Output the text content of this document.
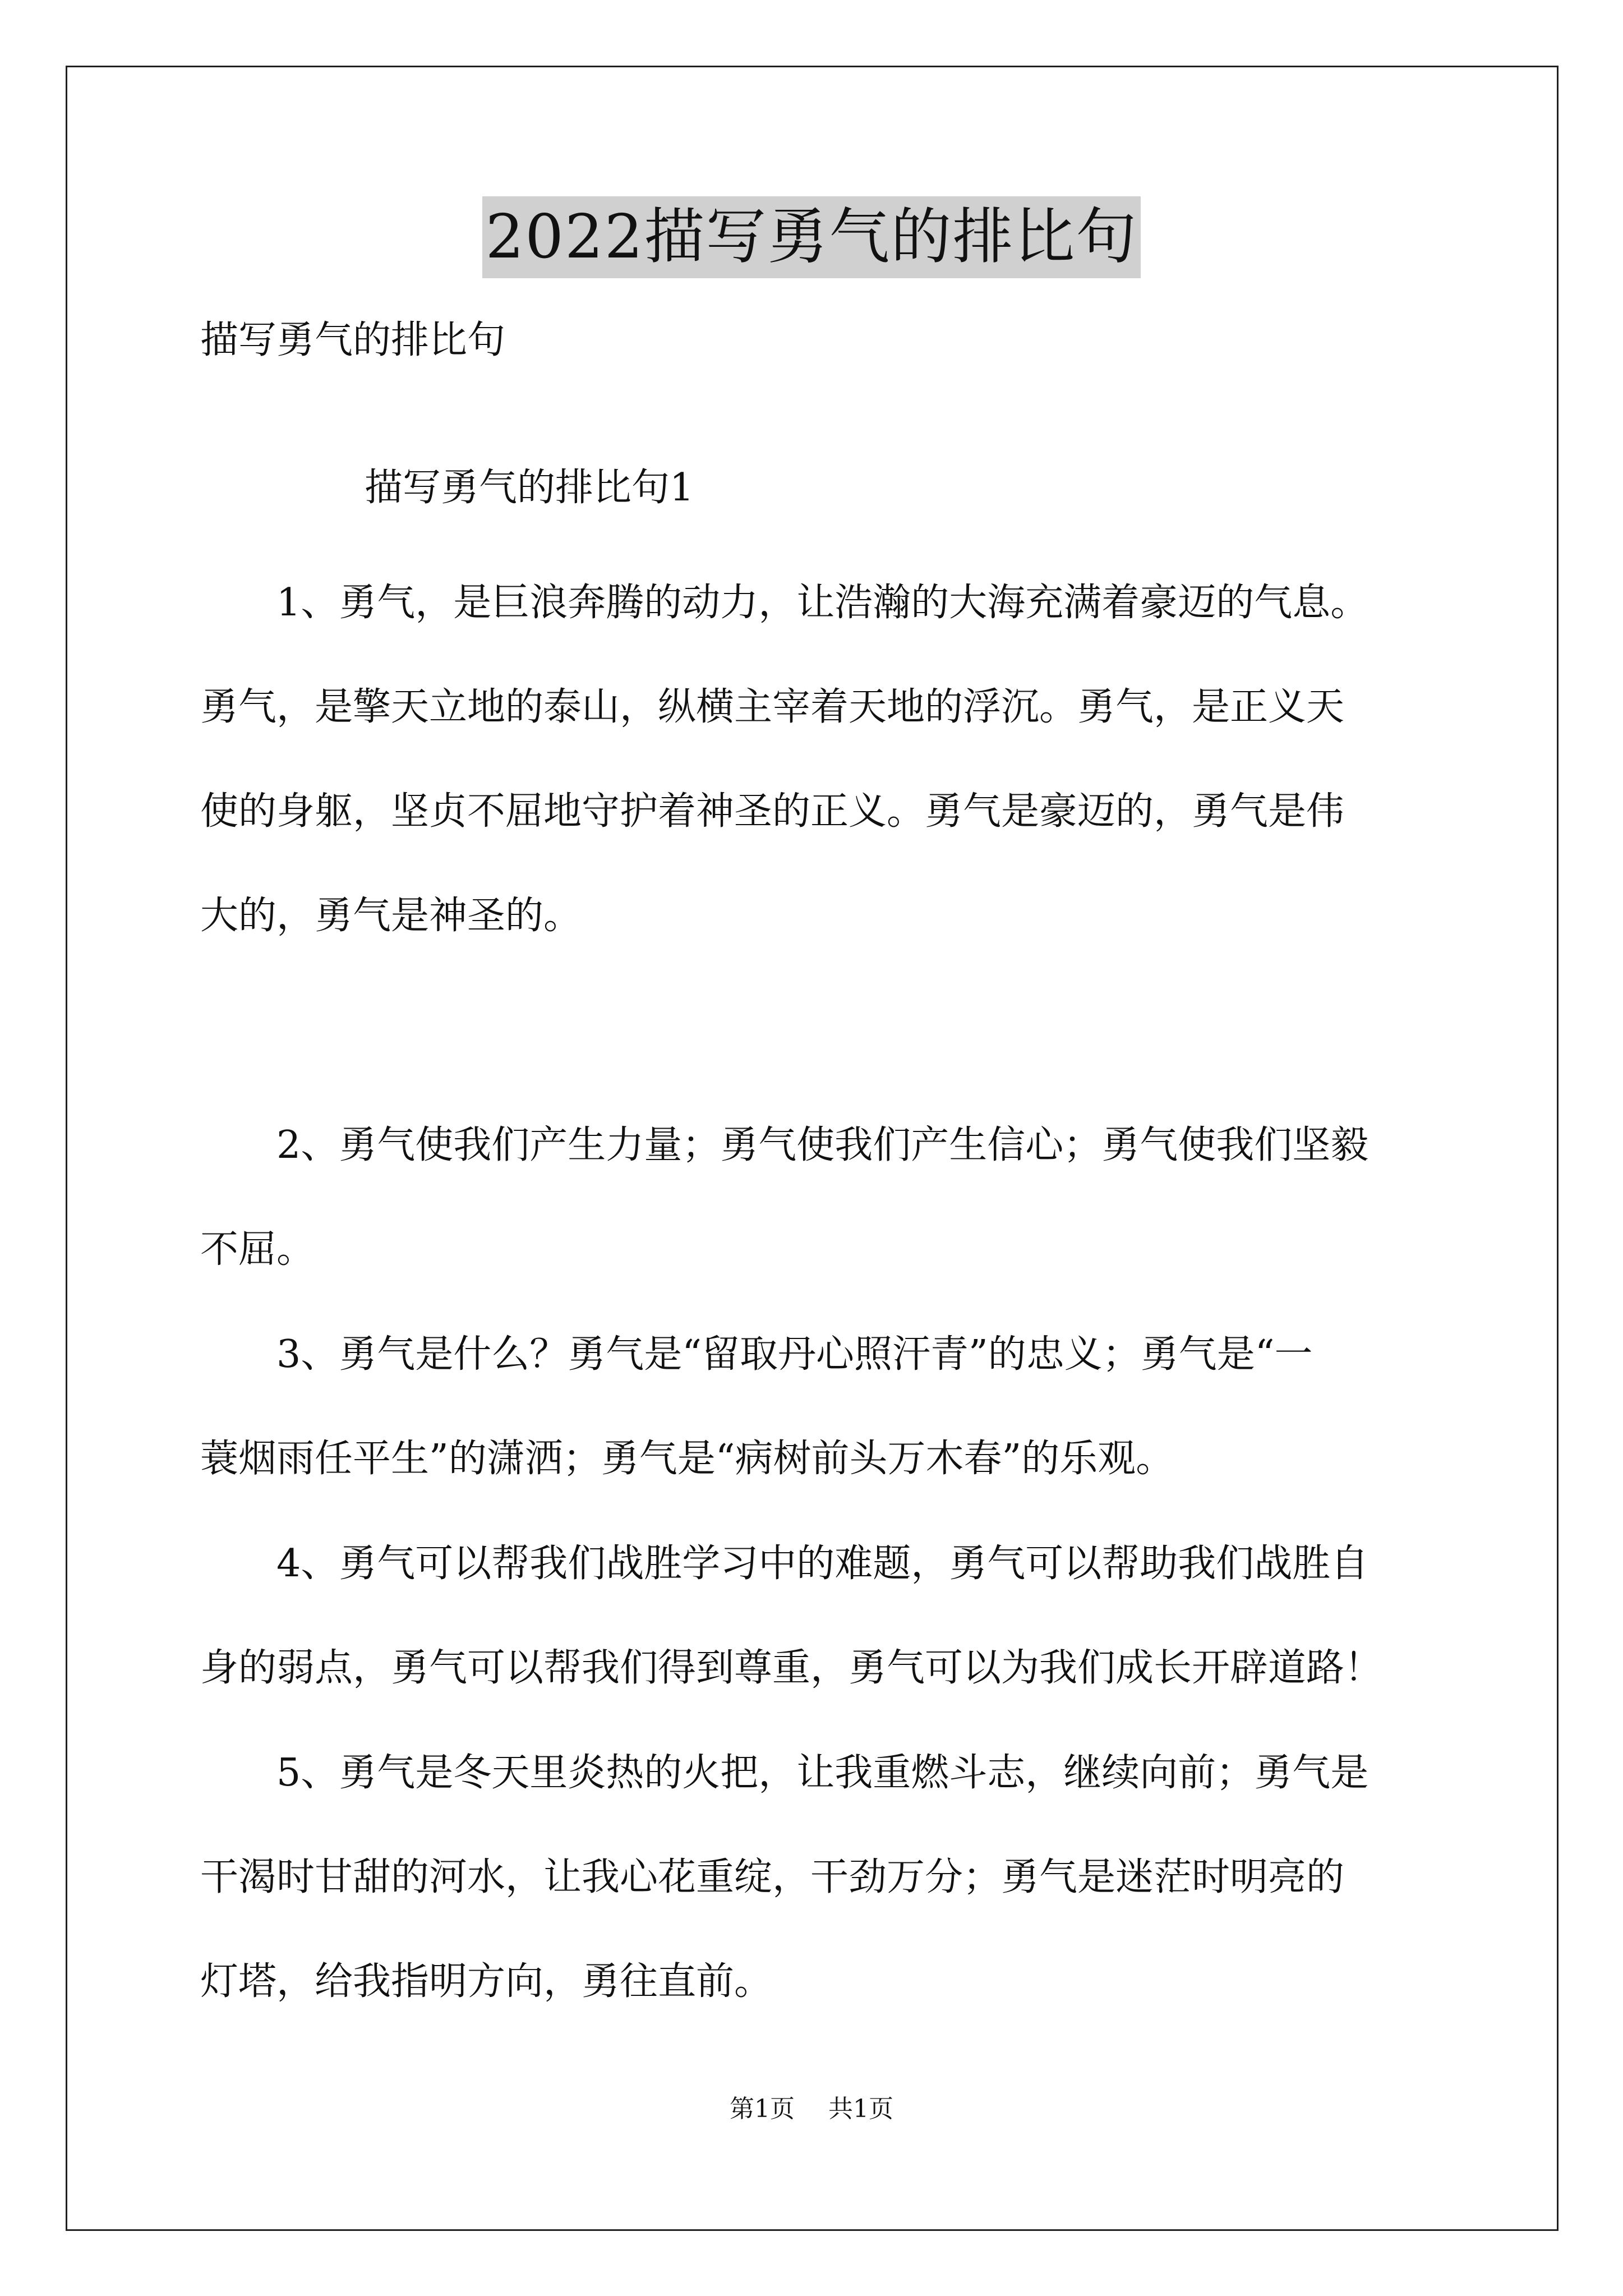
2022描写勇气的排比句
描写勇气的排比句
描写勇气的排比句1
1、勇气，是巨浪奔腾的动力，让浩瀚的大海充满着豪迈的气息。
勇气，是擎天立地的泰山，纵横主宰着天地的浮沉。勇气，是正义天
使的身躯，坚贞不屈地守护着神圣的正义。勇气是豪迈的，勇气是伟
大的，勇气是神圣的。
2、勇气使我们产生力量；勇气使我们产生信心；勇气使我们坚毅
不屈。
3、勇气是什么？勇气是“留取丹心照汗青”的忠义；勇气是“一
蓑烟雨任平生”的潇洒；勇气是“病树前头万木春”的乐观。
4、勇气可以帮我们战胜学习中的难题，勇气可以帮助我们战胜自
身的弱点，勇气可以帮我们得到尊重，勇气可以为我们成长开辟道路！
5、勇气是冬天里炎热的火把，让我重燃斗志，继续向前；勇气是
干渴时甘甜的河水，让我心花重绽，干劲万分；勇气是迷茫时明亮的
灯塔，给我指明方向，勇往直前。
第1页 共1页
